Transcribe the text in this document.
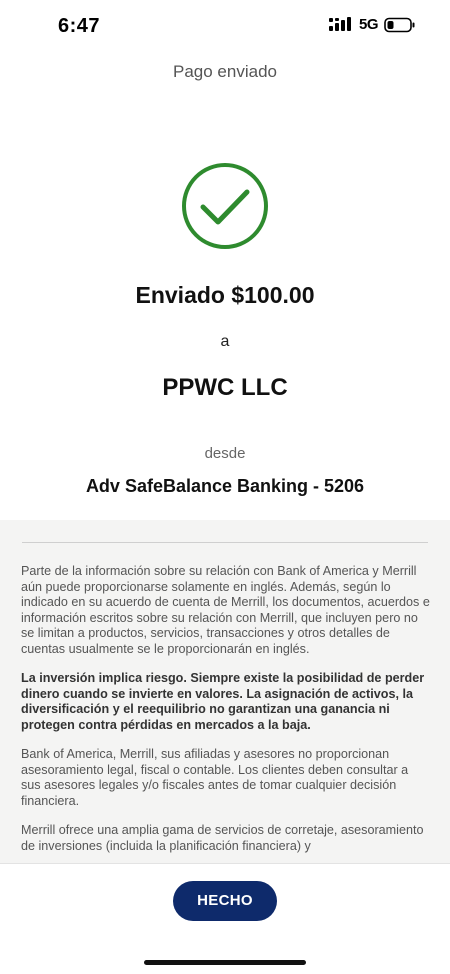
6:47	5G
Pago enviado
Enviado $100.00
a
PPWC LLC
desde
Adv SafeBalance Banking - 5206

Parte de la información sobre su relación con Bank of America y Merrill aún puede proporcionarse solamente en inglés. Además, según lo indicado en su acuerdo de cuenta de Merrill, los documentos, acuerdos e información escritos sobre su relación con Merrill, que incluyen pero no se limitan a productos, servicios, transacciones y otros detalles de cuentas usualmente se le proporcionarán en inglés.

La inversión implica riesgo. Siempre existe la posibilidad de perder dinero cuando se invierte en valores. La asignación de activos, la diversificación y el reequilibrio no garantizan una ganancia ni protegen contra pérdidas en mercados a la baja.

Bank of America, Merrill, sus afiliadas y asesores no proporcionan asesoramiento legal, fiscal o contable. Los clientes deben consultar a sus asesores legales y/o fiscales antes de tomar cualquier decisión financiera.

Merrill ofrece una amplia gama de servicios de corretaje, asesoramiento de inversiones (incluida la planificación financiera) y

HECHO
